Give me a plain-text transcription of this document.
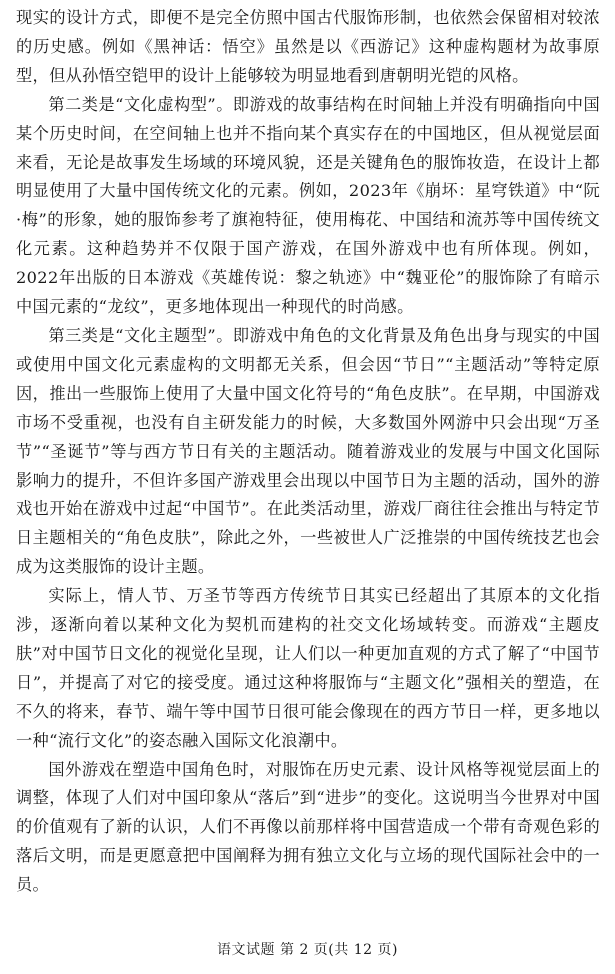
现实的设计方式，即便不是完全仿照中国古代服饰形制，也依然会保留相对较浓的历史感。例如《黑神话：悟空》虽然是以《西游记》这种虚构题材为故事原型，但从孙悟空铠甲的设计上能够较为明显地看到唐朝明光铠的风格。

第二类是“文化虚构型”。即游戏的故事结构在时间轴上并没有明确指向中国某个历史时间，在空间轴上也并不指向某个真实存在的中国地区，但从视觉层面来看，无论是故事发生场域的环境风貌，还是关键角色的服饰妆造，在设计上都明显使用了大量中国传统文化的元素。例如，2023年《崩坏：星穹铁道》中“阮·梅”的形象，她的服饰参考了旗袍特征，使用梅花、中国结和流苏等中国传统文化元素。这种趋势并不仅限于国产游戏，在国外游戏中也有所体现。例如，2022年出版的日本游戏《英雄传说：黎之轨迹》中“魏亚伦”的服饰除了有暗示中国元素的“龙纹”，更多地体现出一种现代的时尚感。

第三类是“文化主题型”。即游戏中角色的文化背景及角色出身与现实的中国或使用中国文化元素虚构的文明都无关系，但会因“节日”“主题活动”等特定原因，推出一些服饰上使用了大量中国文化符号的“角色皮肤”。在早期，中国游戏市场不受重视，也没有自主研发能力的时候，大多数国外网游中只会出现“万圣节”“圣诞节”等与西方节日有关的主题活动。随着游戏业的发展与中国文化国际影响力的提升，不但许多国产游戏里会出现以中国节日为主题的活动，国外的游戏也开始在游戏中过起“中国节”。在此类活动里，游戏厂商往往会推出与特定节日主题相关的“角色皮肤”，除此之外，一些被世人广泛推崇的中国传统技艺也会成为这类服饰的设计主题。

实际上，情人节、万圣节等西方传统节日其实已经超出了其原本的文化指涉，逐渐向着以某种文化为契机而建构的社交文化场域转变。而游戏“主题皮肤”对中国节日文化的视觉化呈现，让人们以一种更加直观的方式了解了“中国节日”，并提高了对它的接受度。通过这种将服饰与“主题文化”强相关的塑造，在不久的将来，春节、端午等中国节日很可能会像现在的西方节日一样，更多地以一种“流行文化”的姿态融入国际文化浪潮中。

国外游戏在塑造中国角色时，对服饰在历史元素、设计风格等视觉层面上的调整，体现了人们对中国印象从“落后”到“进步”的变化。这说明当今世界对中国的价值观有了新的认识，人们不再像以前那样将中国营造成一个带有奇观色彩的落后文明，而是更愿意把中国阐释为拥有独立文化与立场的现代国际社会中的一员。

语文试题 第 2 页(共 12 页)
